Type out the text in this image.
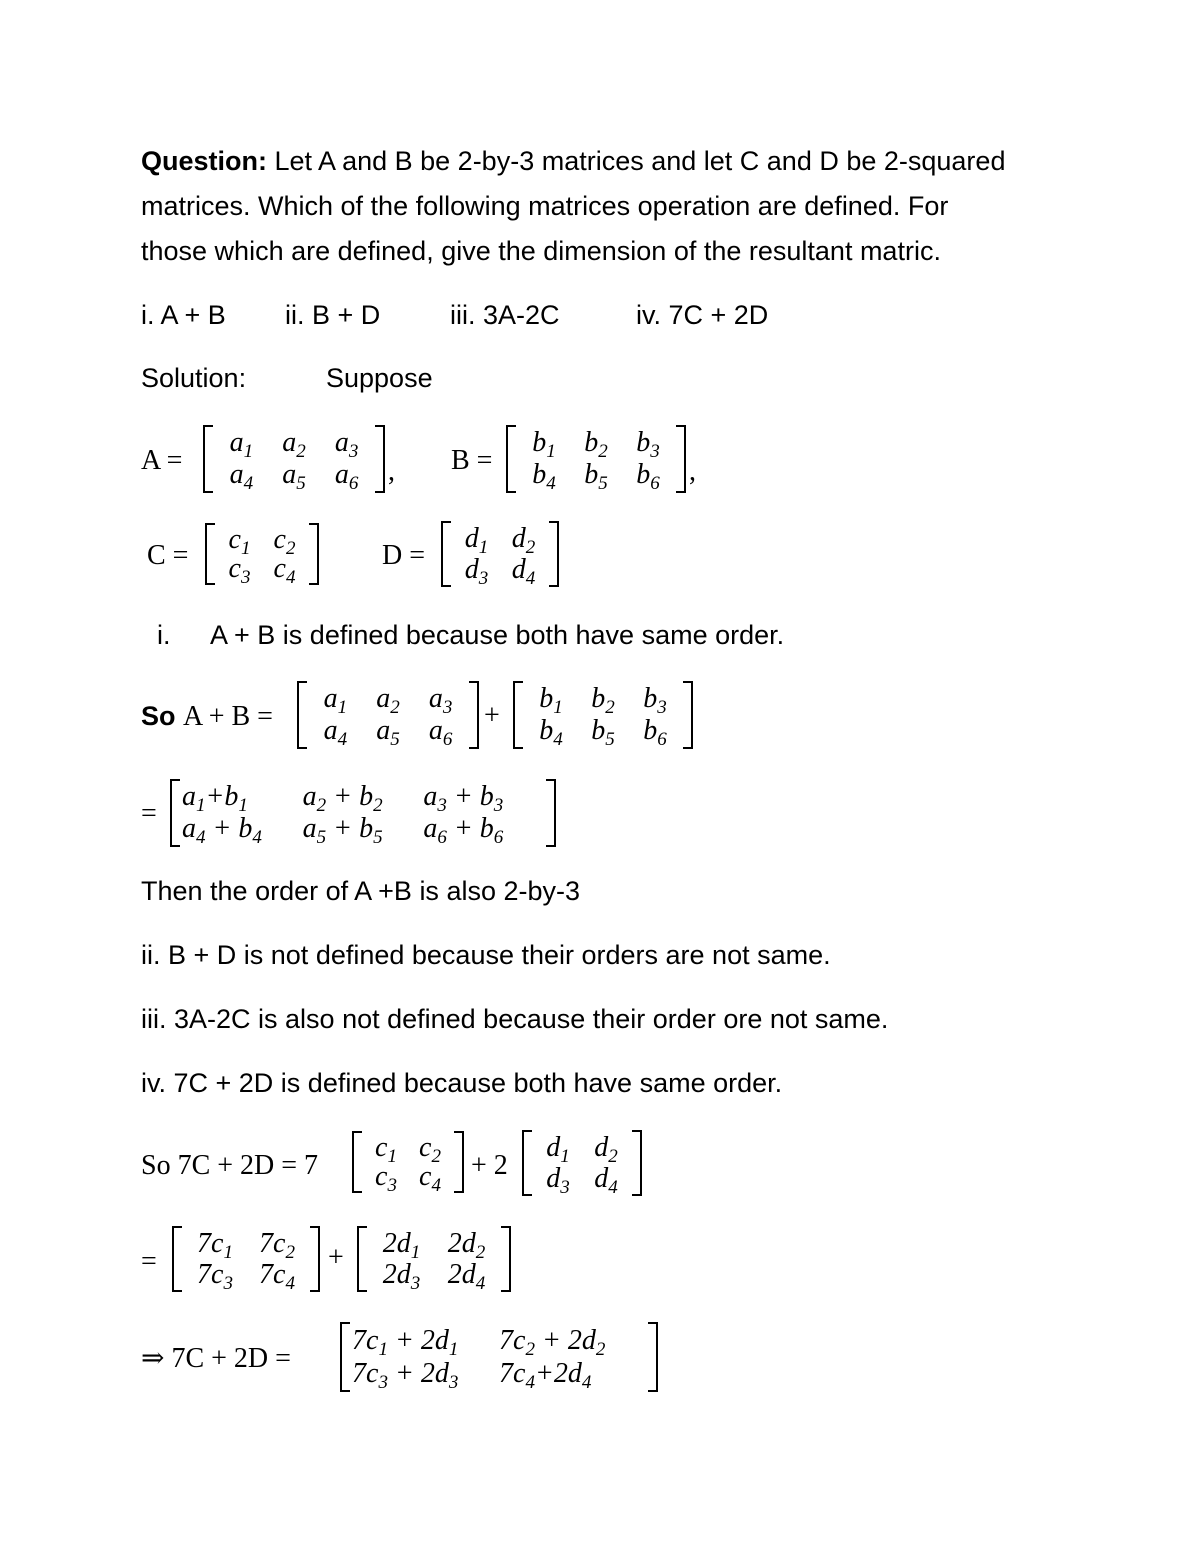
Question: Let A and B be 2-by-3 matrices and let C and D be 2-squared
matrices. Which of the following matrices operation are defined. For
those which are defined, give the dimension of the resultant matric.
i. A + B ii. B + D	iii. 3A-2C	iv. 7C + 2D
Solution:	Suppose
A =
$a_1$	$a_2$	$a_3$
$a_4$	$a_5$	$a_6$	, B =
$b_1$	$b_2$	$b_3$
$b_4$	$b_5$	$b_6$	,
C =
$c_1$ $c_2$
$c_3$ $c_4$
D =
$d_1$ $d_2$
$d_3$ $d_4$
i. A + B is defined because both have same order.
So A + B =
$a_1$	$a_2$	$a_3$
$a_4$	$a_5$	$a_6$
+
$b_1$	$b_2$	$b_3$
$b_4$	$b_5$	$b_6$
=
$a_1+b_1$	$a_2 + b_2$	$a_3 + b_3$
$a_4 + b_4$	$a_5 + b_5$	$a_6 + b_6$
Then the order of A +B is also 2-by-3
ii. B + D is not defined because their orders are not same.
iii. 3A-2C is also not defined because their order ore not same.
iv. 7C + 2D is defined because both have same order.
So 7C + 2D = 7
$c_1$ $c_2$
$c_3$ $c_4$
+ 2
$d_1$ $d_2$
$d_3$ $d_4$
=
$7c_1$ $7c_2$
$7c_3$ $7c_4$
+	$2d_1$ $2d_2$
$2d_3$ $2d_4$
⇒ 7C + 2D =
$7c_1 + 2d_1$	$7c_2 + 2d_2$
$7c_3 + 2d_3$	$7c_4+2d_4$
